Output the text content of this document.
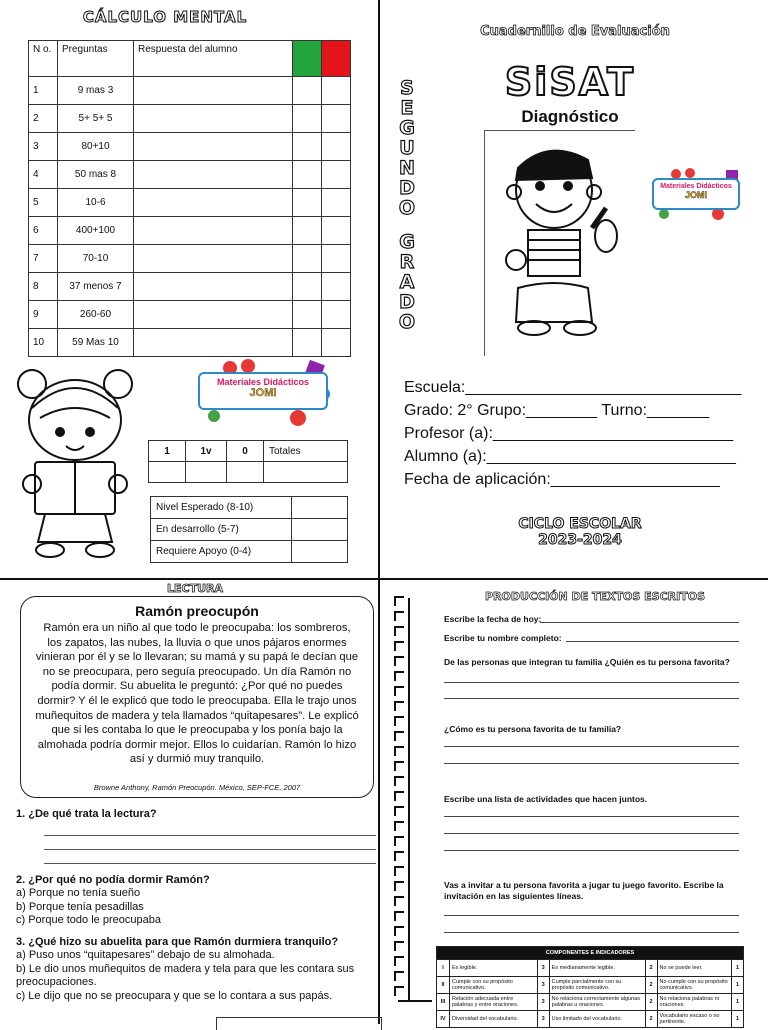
CÁLCULO MENTAL
N o.	Preguntas	Respuesta del alumno		
1	9 mas 3			
2	5+ 5+ 5			
3	80+10			
4	50 mas 8			
5	10-6			
6	400+100			
7	70-10			
8	37 menos 7			
9	260-60			
10	59 Mas 10			
Materiales Didácticos
JOMI
1	1v	0	Totales

Nivel Esperado (8-10)	
En desarrollo (5-7)	
Requiere Apoyo (0-4)	
Cuadernillo de Evaluación
SiSAT
Diagnóstico
S
E
G
U
N
D
O

G
R
A
D
O
Materiales Didácticos
JOMI
Escuela:_______________________________
Grado: 2° Grupo:________ Turno:_______
Profesor (a):___________________________
Alumno (a):____________________________
Fecha de aplicación:___________________
CICLO ESCOLAR
2023-2024
LECTURA
Ramón preocupón
Ramón era un niño al que todo le preocupaba: los sombreros, los zapatos, las nubes, la lluvia o que unos pájaros enormes vinieran por él y se lo llevaran; su mamá y su papá le decían que no se preocupara, pero seguía preocupado. Un día Ramón no podía dormir. Su abuelita le preguntó: ¿Por qué no puedes dormir? Y él le explicó que todo le preocupaba. Ella le trajo unos muñequitos de madera y tela llamados “quitapesares”. Le explicó que si les contaba lo que le preocupaba y los ponía bajo la almohada podría dormir mejor. Ellos lo cuidarían. Ramón lo hizo así y durmió muy tranquilo.
Browne Anthony, Ramón Preocupón. México, SEP-FCE, 2007
1. ¿De qué trata la lectura?
2. ¿Por qué no podía dormir Ramón?
a) Porque no tenía sueño
b) Porque tenía pesadillas
c) Porque todo le preocupaba
3. ¿Qué hizo su abuelita para que Ramón durmiera tranquilo?
a) Puso unos “quitapesares” debajo de su almohada.
b) Le dio unos muñequitos de madera y tela para que les contara sus preocupaciones.
c) Le dijo que no se preocupara y que se lo contara a sus papás.
PRODUCCIÓN DE TEXTOS ESCRITOS
Escribe la fecha de hoy:
Escribe tu nombre completo:
De las personas que integran tu familia ¿Quién es tu persona favorita?
¿Cómo es tu persona favorita de tu familia?
Escribe una lista de actividades que hacen juntos.
Vas a invitar a tu persona favorita a jugar tu juego favorito. Escribe la invitación en las siguientes líneas.
COMPONENTES E INDICADORES						
I	Es legible.	3	Es medianamente legible.	2	No se puede leer.	1
II	Cumple con su propósito comunicativo.	3	Cumple parcialmente con su propósito comunicativo.	2	No cumple con su propósito comunicativo.	1
III	Relación adecuada entre palabras y entre oraciones.	3	No relaciona correctamente algunas palabras u oraciones.	2	No relaciona palabras ni oraciones.	1
IV	Diversidad del vocabulario.	3	Uso limitado del vocabulario.	2	Vocabulario escaso o no pertinente.	1
